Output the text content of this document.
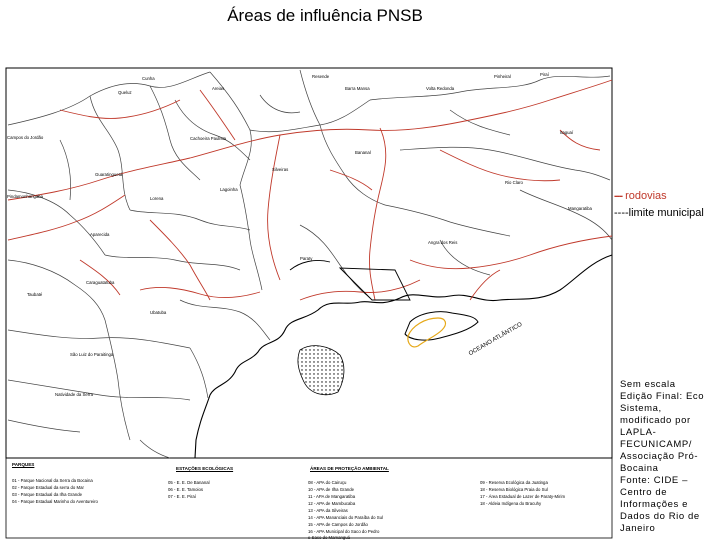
Áreas de influência PNSB
Cunha	Resende
Barra Mansa	Volta Redonda
Pinheiral	Piraí
Queluz
Areias
Bananal
Rio Claro
Cachoeira Paulista
Guaratinguetá
Lorena
Silveiras
Lagoinha
Aparecida
Paraty
Angra dos Reis
Ubatuba
Caraguatatuba
Mangaratiba
Itaguaí
São Luiz do Paraitinga
Natividade da Serra
Pindamonhangaba
Taubaté
Campos do Jordão
OCEANO ATLÂNTICO
--- rodovias
----limite municipal
Sem escala
Edição Final: Eco
Sistema,
modificado por
LAPLA-
FECUNICAMP/
Associação Pró-
Bocaina
Fonte: CIDE –
Centro de
Informações e
Dados do Rio de
Janeiro
PARQUES
01 - Parque Nacional da Serra da Bocaina
02 - Parque Estadual da serra do Mar
03 - Parque Estadual da Ilha Grande
04 - Parque Estadual Marinho do Aventureiro
ESTAÇÕES ECOLÓGICAS
05 - E. E. De Bananal
06 - E. E. Tamoios
07 - E. E. Piraí
ÁREAS DE PROTEÇÃO AMBIENTAL
08 - APA do Cairuçu
10 - APA de Ilha Grande
11 - APA de Mangaratiba
12 - APA de Mambucaba
13 - APA da Silveiras
14 - APA Mananciais do Paraíba do Sul
15 - APA de Campos do Jordão
16 - APA Municipal do Saco do Pedro
e Saco do Mamanguá
09 - Reserva Ecológica da Juatinga
18 - Reserva Biológica Praia do Sul
17 - Área Estadual de Lazer de Paraty-Mirim
18 - Aldeia Indígena do Bracuhy
